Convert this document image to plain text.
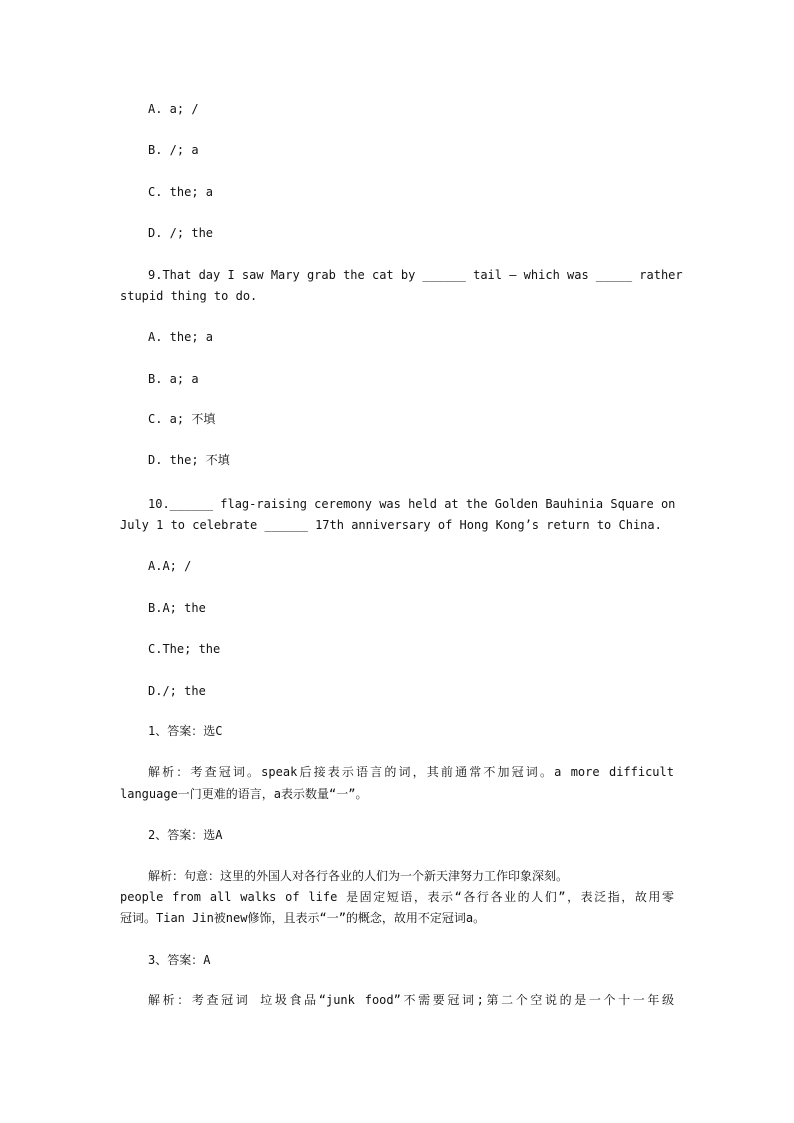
A. a; /
B. /; a
C. the; a
D. /; the
9.That day I saw Mary grab the cat by ______ tail — which was _____ rather
stupid thing to do.
A. the; a
B. a; a
C. a; 不填
D. the; 不填
10.______ flag-raising ceremony was held at the Golden Bauhinia Square on
July 1 to celebrate ______ 17th anniversary of Hong Kong’s return to China.
A.A; /
B.A; the
C.The; the
D./; the
1、答案：选C
解析：考查冠词。speak后接表示语言的词，其前通常不加冠词。a more difficult
language一门更难的语言，a表示数量“一”。
2、答案：选A
解析：句意：这里的外国人对各行各业的人们为一个新天津努力工作印象深刻。
people from all walks of life 是固定短语，表示“各行各业的人们”，表泛指，故用零
冠词。Tian Jin被new修饰，且表示“一”的概念，故用不定冠词a。
3、答案：A
解析：考查冠词 垃圾食品“junk food”不需要冠词;第二个空说的是一个十一年级
